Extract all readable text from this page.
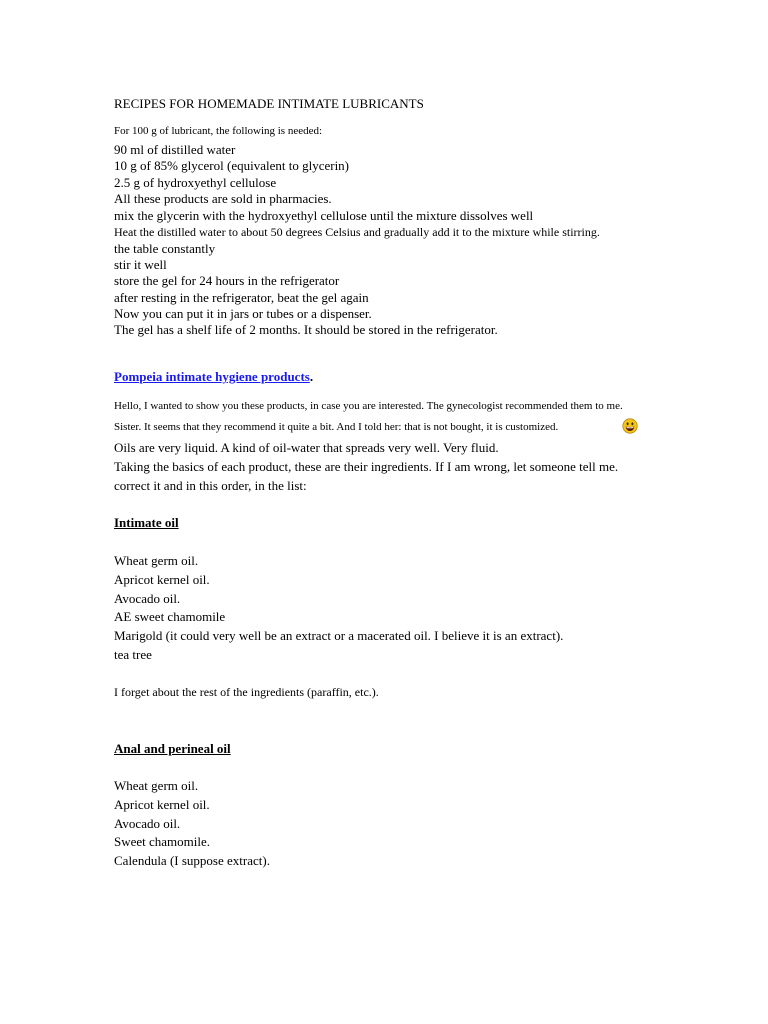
RECIPES FOR HOMEMADE INTIMATE LUBRICANTS
For 100 g of lubricant, the following is needed:
90 ml of distilled water
10 g of 85% glycerol (equivalent to glycerin)
2.5 g of hydroxyethyl cellulose
All these products are sold in pharmacies.
mix the glycerin with the hydroxyethyl cellulose until the mixture dissolves well
Heat the distilled water to about 50 degrees Celsius and gradually add it to the mixture while stirring.
the table constantly
stir it well
store the gel for 24 hours in the refrigerator
after resting in the refrigerator, beat the gel again
Now you can put it in jars or tubes or a dispenser.
The gel has a shelf life of 2 months. It should be stored in the refrigerator.
Pompeia intimate hygiene products.
Hello, I wanted to show you these products, in case you are interested. The gynecologist recommended them to me.
Sister. It seems that they recommend it quite a bit. And I told her: that is not bought, it is customized.
Oils are very liquid. A kind of oil-water that spreads very well. Very fluid.
Taking the basics of each product, these are their ingredients. If I am wrong, let someone tell me.
correct it and in this order, in the list:
Intimate oil
Wheat germ oil.
Apricot kernel oil.
Avocado oil.
AE sweet chamomile
Marigold (it could very well be an extract or a macerated oil. I believe it is an extract).
tea tree
I forget about the rest of the ingredients (paraffin, etc.).
Anal and perineal oil
Wheat germ oil.
Apricot kernel oil.
Avocado oil.
Sweet chamomile.
Calendula (I suppose extract).
